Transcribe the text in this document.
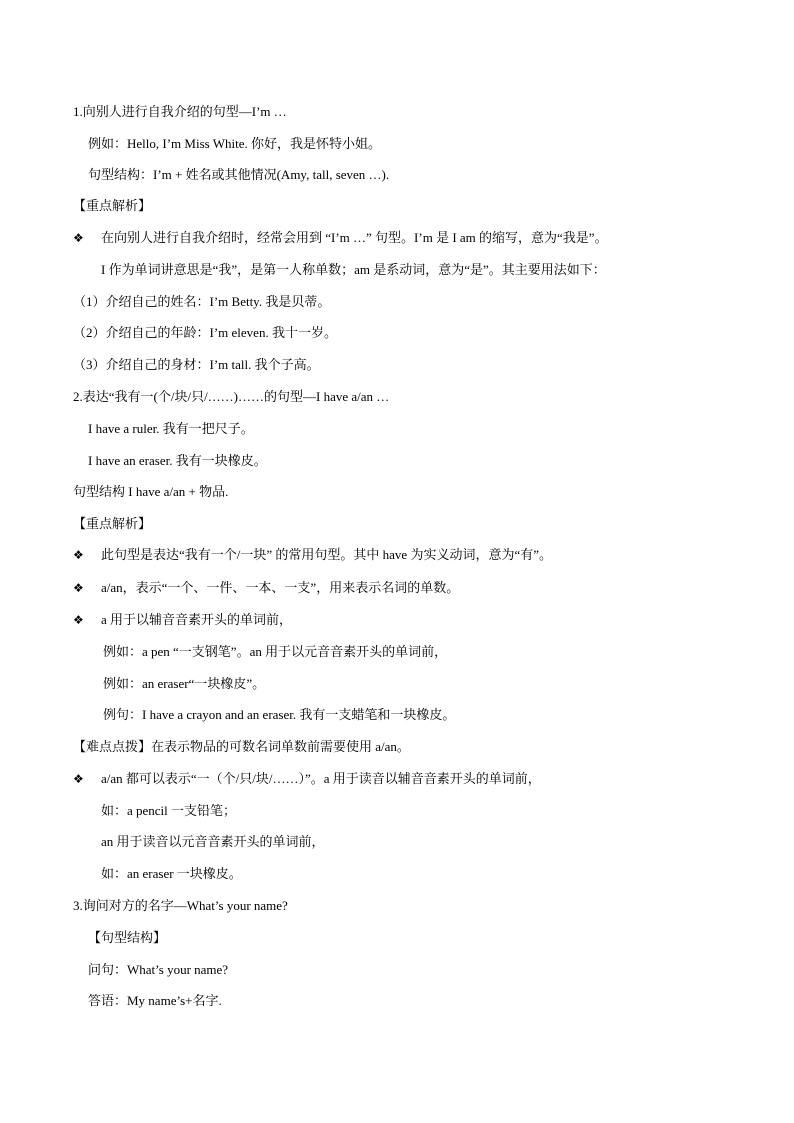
1.向别人进行自我介绍的句型—I’m …
例如：Hello, I’m Miss White. 你好，我是怀特小姐。
句型结构：I’m + 姓名或其他情况(Amy, tall, seven …).
【重点解析】
❖ 在向别人进行自我介绍时，经常会用到 “I’m …” 句型。I’m 是 I am 的缩写，意为“我是”。
I 作为单词讲意思是“我”，是第一人称单数；am 是系动词，意为“是”。其主要用法如下：
（1）介绍自己的姓名：I’m Betty. 我是贝蒂。
（2）介绍自己的年龄：I’m eleven. 我十一岁。
（3）介绍自己的身材：I’m tall. 我个子高。
2.表达“我有一(个/块/只/……)……的句型—I have a/an …
I have a ruler. 我有一把尺子。
I have an eraser. 我有一块橡皮。
句型结构 I have a/an + 物品.
【重点解析】
❖ 此句型是表达“我有一个/一块” 的常用句型。其中 have 为实义动词，意为“有”。
❖ a/an，表示“一个、一件、一本、一支”，用来表示名词的单数。
❖ a 用于以辅音音素开头的单词前，
例如：a pen “一支钢笔”。an 用于以元音音素开头的单词前，
例如：an eraser“一块橡皮”。
例句：I have a crayon and an eraser. 我有一支蜡笔和一块橡皮。
【难点点拨】在表示物品的可数名词单数前需要使用 a/an。
❖ a/an 都可以表示“一（个/只/块/……）”。a 用于读音以辅音音素开头的单词前，
如：a pencil 一支铅笔；
an 用于读音以元音音素开头的单词前，
如：an eraser 一块橡皮。
3.询问对方的名字—What’s your name?
【句型结构】
问句：What’s your name?
答语：My name’s+名字.
